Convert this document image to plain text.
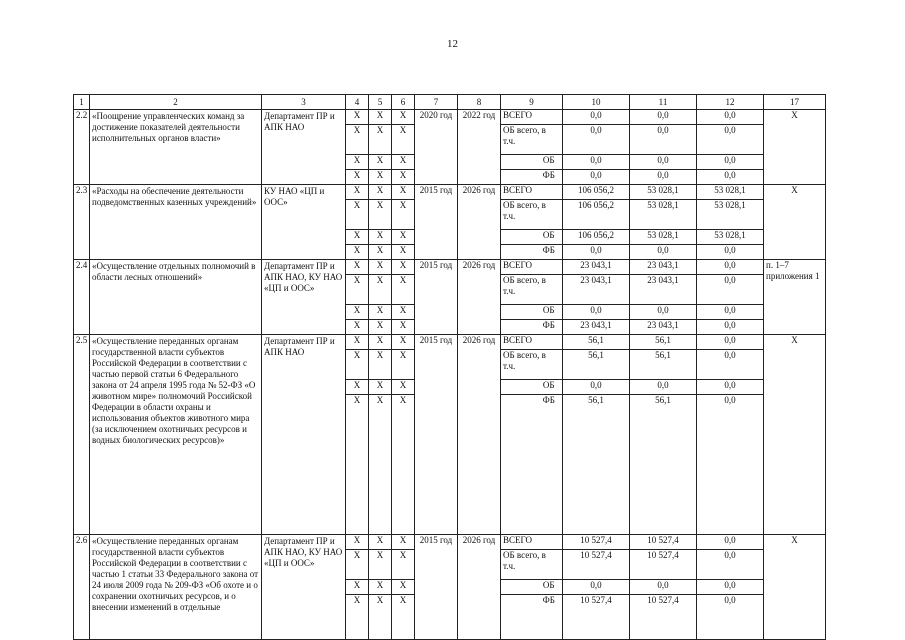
12
1	2	3	4	5	6	7	8	9		10	11	12	17
2.2	«Поощрение управленческих команд за достижение показателей деятельности исполнительных органов власти»	Департамент ПР и АПК НАО	X	X	X	2020 год	2022 год	ВСЕГО		0,0	0,0	0,0	X
			X	X	X			ОБ всего, в т.ч.		0,0	0,0	0,0	
			X	X	X				ОБ	0,0	0,0	0,0	
			X	X	X				ФБ	0,0	0,0	0,0	
2.3	«Расходы на обеспечение деятельности подведомственных казенных учреждений»	КУ НАО «ЦП и ООС»	X	X	X	2015 год	2026 год	ВСЕГО		106 056,2	53 028,1	53 028,1	X
			X	X	X			ОБ всего, в т.ч.		106 056,2	53 028,1	53 028,1	
			X	X	X				ОБ	106 056,2	53 028,1	53 028,1	
			X	X	X				ФБ	0,0	0,0	0,0	
2.4	«Осуществление отдельных полномочий в области лесных отношений»	Департамент ПР и АПК НАО, КУ НАО «ЦП и ООС»	X	X	X	2015 год	2026 год	ВСЕГО		23 043,1	23 043,1	0,0	п. 1–7 приложения 1
			X	X	X			ОБ всего, в т.ч.		23 043,1	23 043,1	0,0	
			X	X	X				ОБ	0,0	0,0	0,0	
			X	X	X				ФБ	23 043,1	23 043,1	0,0	
2.5	«Осуществление переданных органам государственной власти субъектов Российской Федерации в соответствии с частью первой статьи 6 Федерального закона от 24 апреля 1995 года № 52-ФЗ «О животном мире» полномочий Российской Федерации в области охраны и использования объектов животного мира (за исключением охотничьих ресурсов и водных биологических ресурсов)»	Департамент ПР и АПК НАО	X	X	X	2015 год	2026 год	ВСЕГО		56,1	56,1	0,0	X
			X	X	X			ОБ всего, в т.ч.		56,1	56,1	0,0	
			X	X	X				ОБ	0,0	0,0	0,0	
			X	X	X				ФБ	56,1	56,1	0,0	
2.6	«Осуществление переданных органам государственной власти субъектов Российской Федерации в соответствии с частью 1 статьи 33 Федерального закона от 24 июля 2009 года № 209-ФЗ «Об охоте и о сохранении охотничьих ресурсов, и о внесении изменений в отдельные	Департамент ПР и АПК НАО, КУ НАО «ЦП и ООС»	X	X	X	2015 год	2026 год	ВСЕГО		10 527,4	10 527,4	0,0	X
			X	X	X			ОБ всего, в т.ч.		10 527,4	10 527,4	0,0	
			X	X	X				ОБ	0,0	0,0	0,0	
			X	X	X				ФБ	10 527,4	10 527,4	0,0	
